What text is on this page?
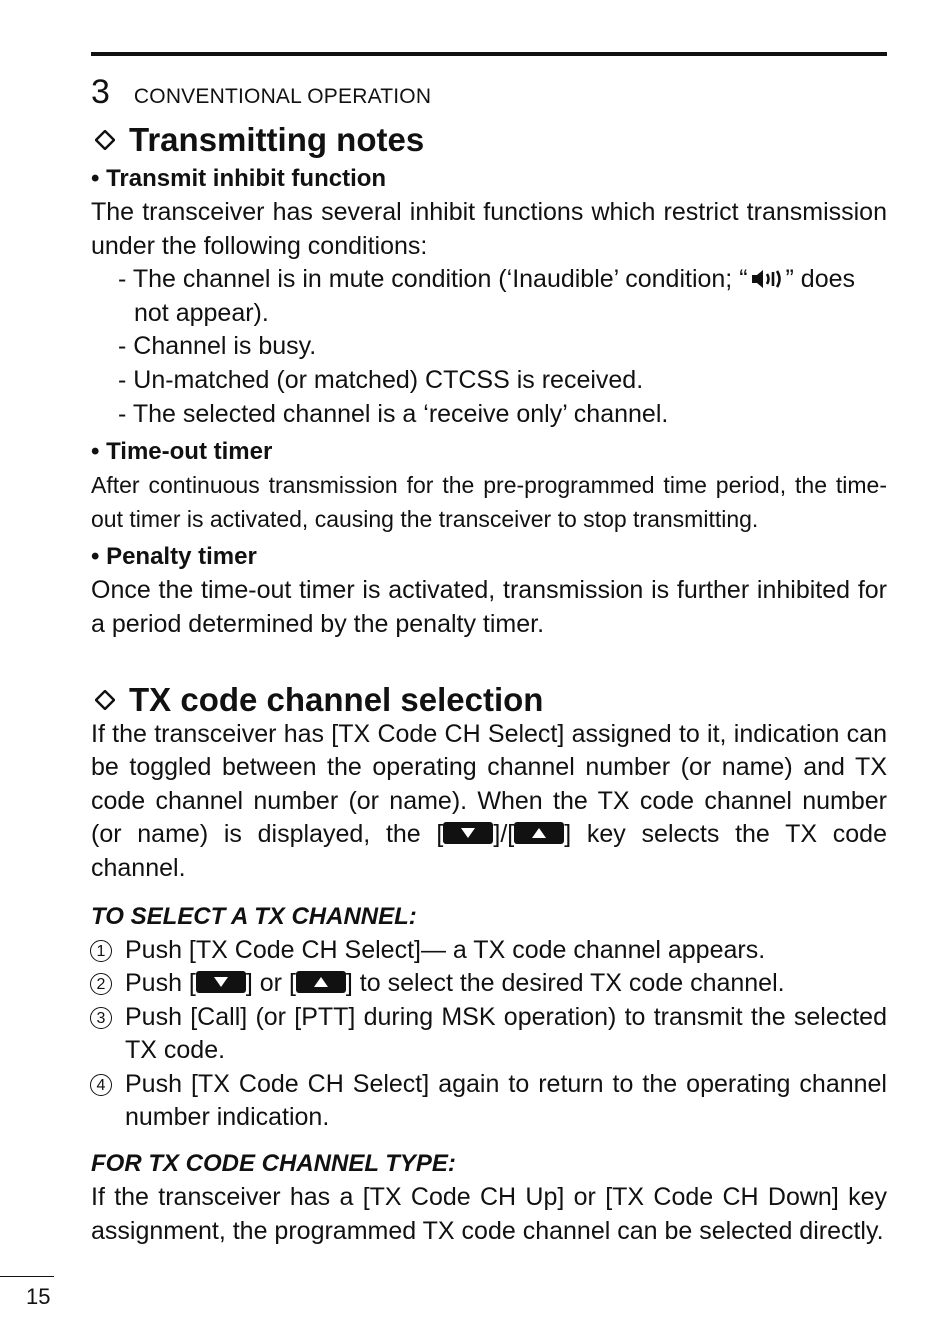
3 CONVENTIONAL OPERATION
Transmitting notes
• Transmit inhibit function

The transceiver has several inhibit functions which restrict transmission under the following conditions:

- The channel is in mute condition (‘Inaudible’ condition; “ ” does not appear).
- Channel is busy.
- Un-matched (or matched) CTCSS is received.
- The selected channel is a ‘receive only’ channel.
• Time-out timer

After continuous transmission for the pre-programmed time period, the time-out timer is activated, causing the transceiver to stop transmitting.

• Penalty timer

Once the time-out timer is activated, transmission is further inhibited for a period determined by the penalty timer.

TX code channel selection

If the transceiver has [TX Code CH Select] assigned to it, indication can be toggled between the operating channel number (or name) and TX code channel number (or name). When the TX code channel number (or name) is displayed, the [ ]/[ ] key selects the TX code channel.

TO SELECT A TX CHANNEL:
1 Push [TX Code CH Select]— a TX code channel appears.
2 Push [ ] or [ ] to select the desired TX code channel.
3 Push [Call] (or [PTT] during MSK operation) to transmit the selected TX code.
4 Push [TX Code CH Select] again to return to the operating channel number indication.
FOR TX CODE CHANNEL TYPE:

If the transceiver has a [TX Code CH Up] or [TX Code CH Down] key assignment, the programmed TX code channel can be selected directly.

15
